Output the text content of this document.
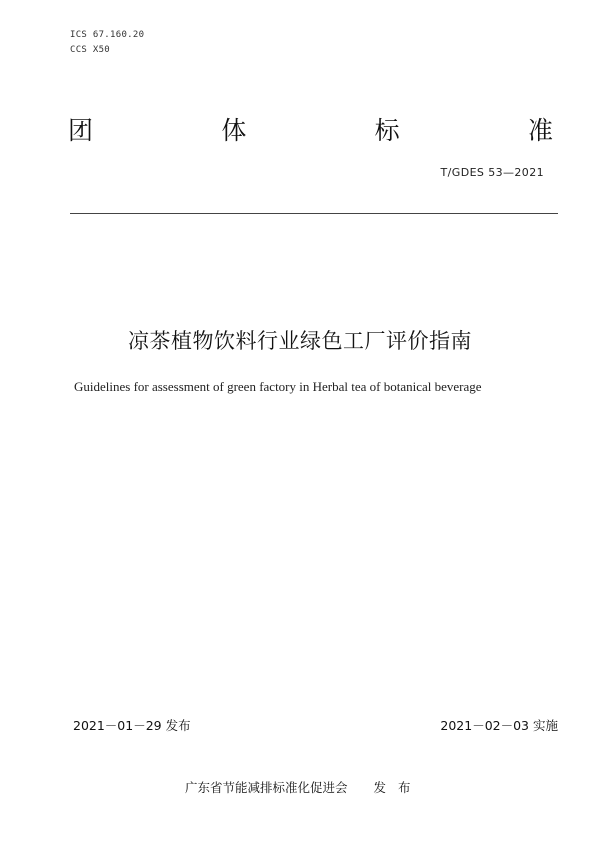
ICS 67.160.20
CCS X50
团	体	标	准
T/GDES 53—2021
凉茶植物饮料行业绿色工厂评价指南
Guidelines for assessment of green factory in Herbal tea of botanical beverage
2021－01－29 发布	2021－02－03 实施
广东省节能减排标准化促进会 发布
